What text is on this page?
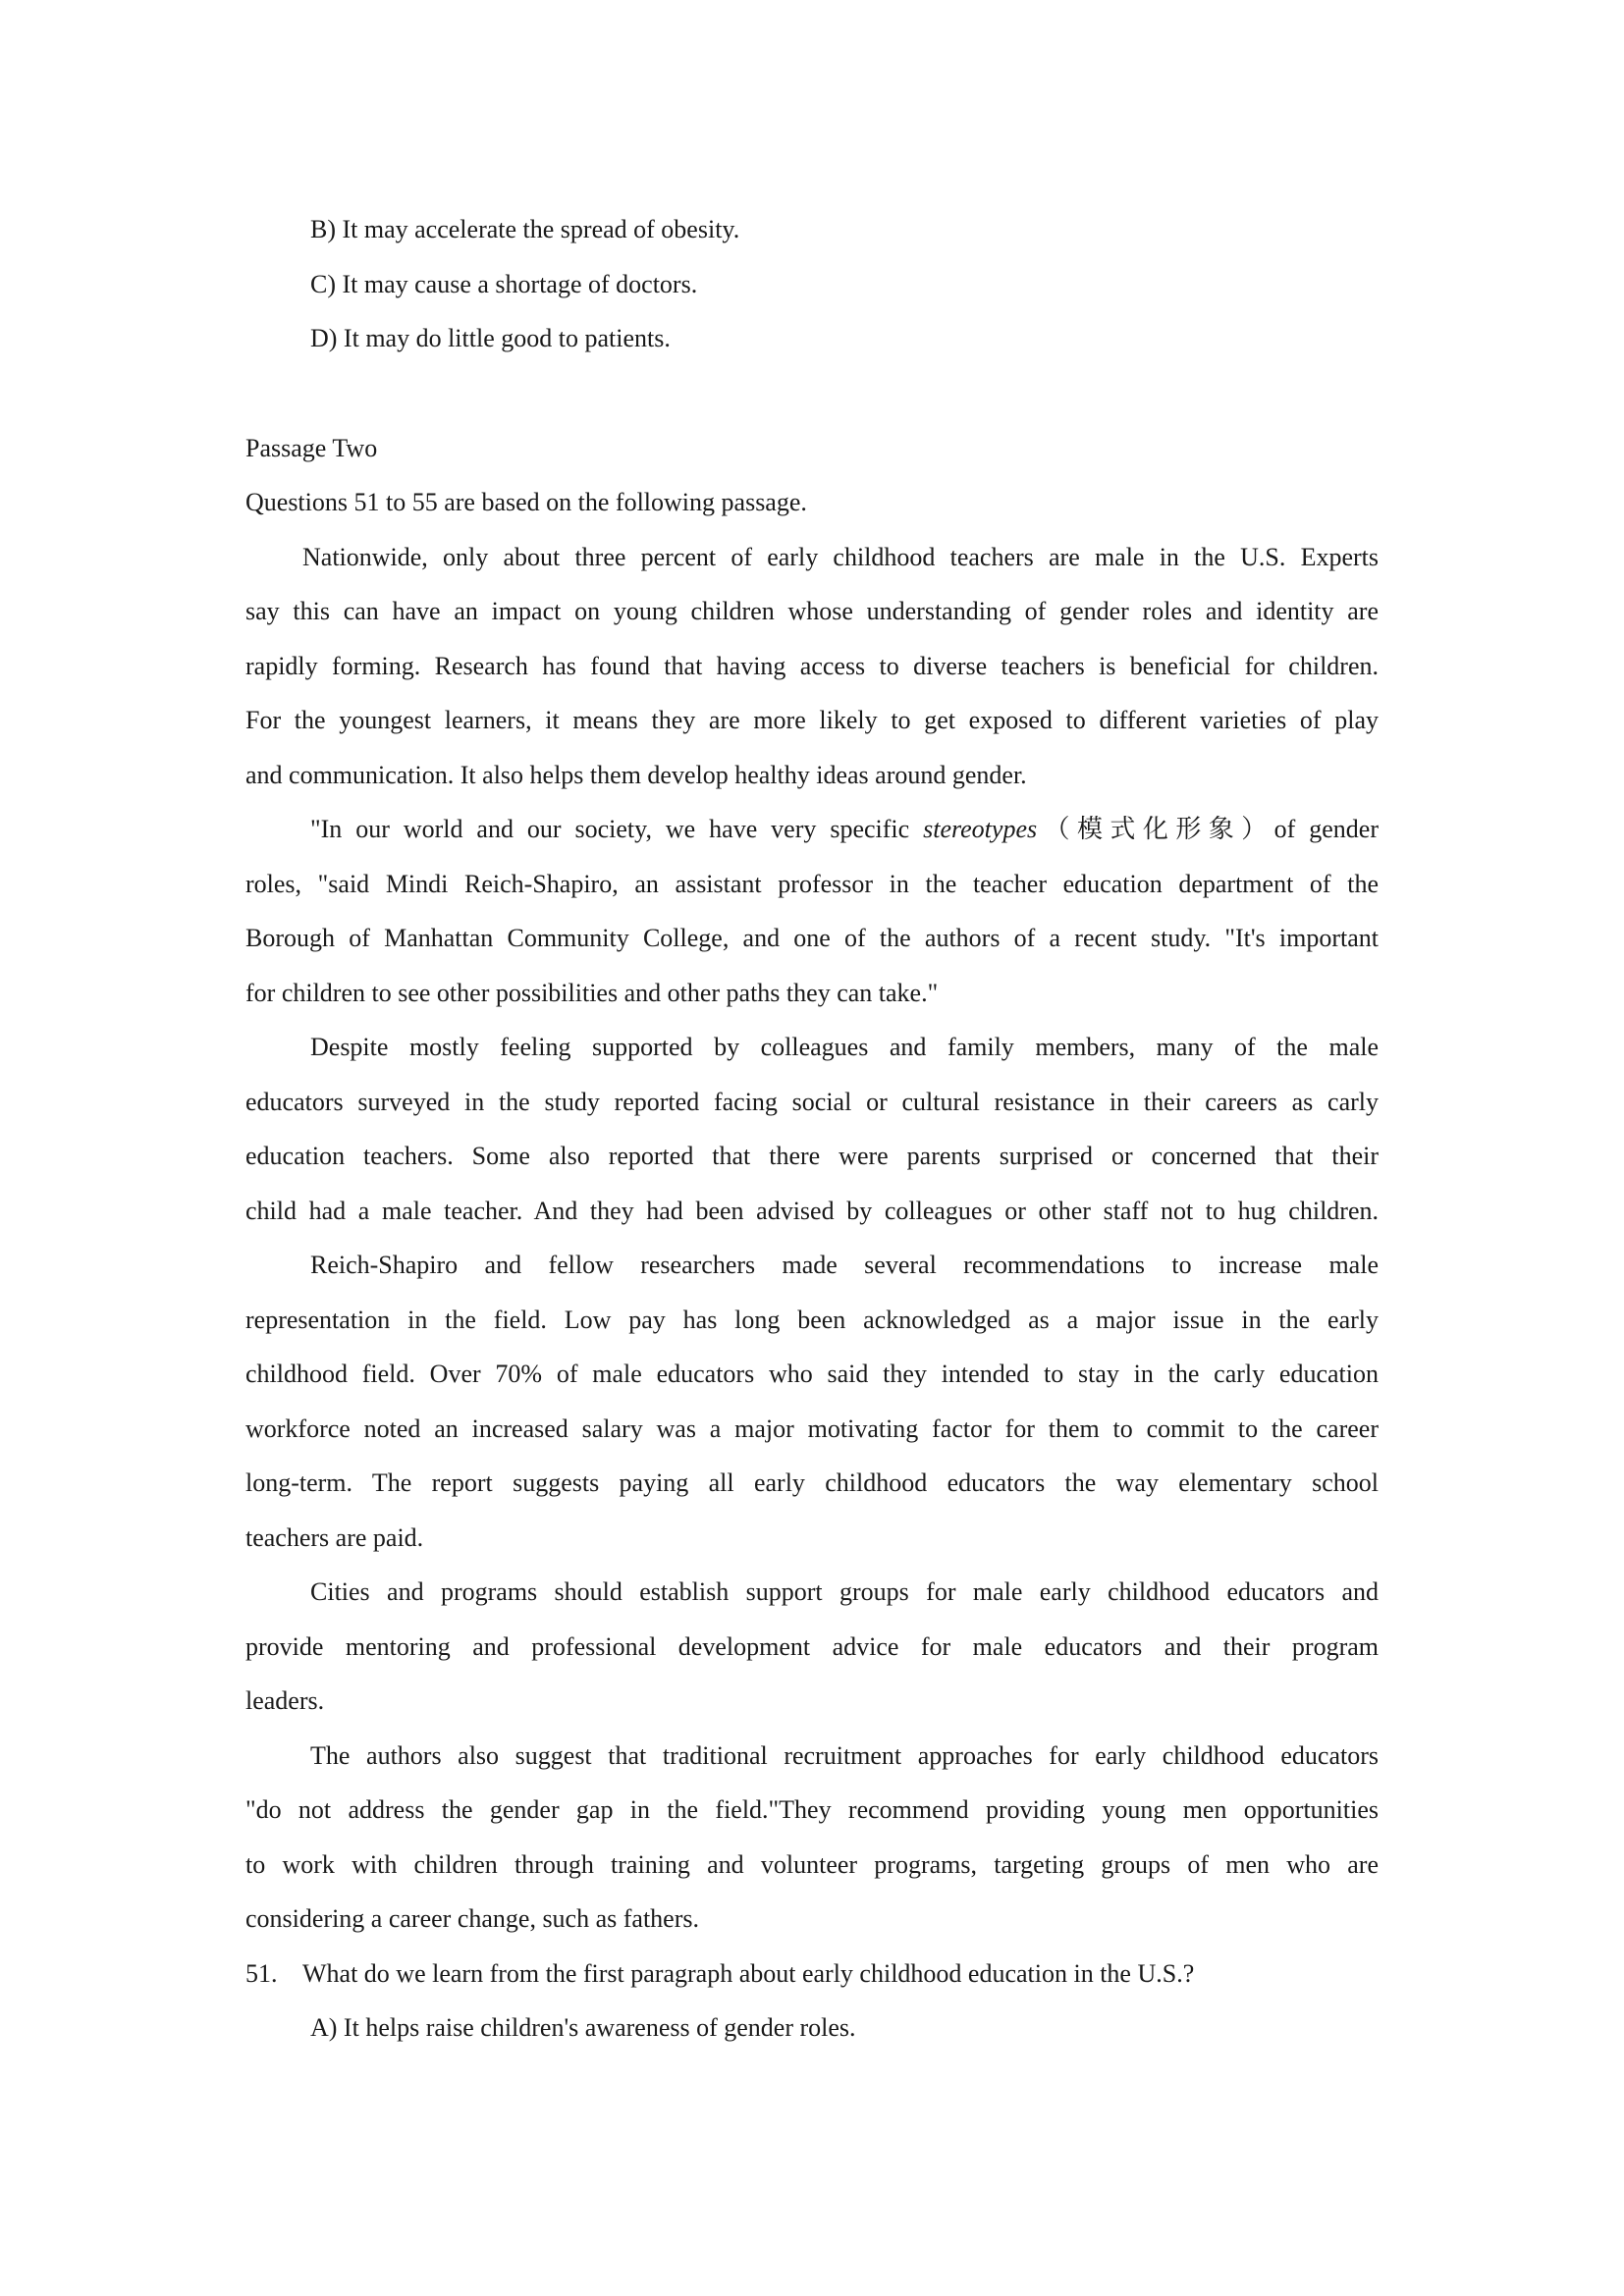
B) It may accelerate the spread of obesity.
C) It may cause a shortage of doctors.
D) It may do little good to patients.
Passage Two
Questions 51 to 55 are based on the following passage.
Nationwide, only about three percent of early childhood teachers are male in the U.S. Experts
say this can have an impact on young children whose understanding of gender roles and identity are
rapidly forming. Research has found that having access to diverse teachers is beneficial for children.
For the youngest learners, it means they are more likely to get exposed to different varieties of play
and communication. It also helps them develop healthy ideas around gender.
"In our world and our society, we have very specific stereotypes（模式化形象）of gender
roles, "said Mindi Reich-Shapiro, an assistant professor in the teacher education department of the
Borough of Manhattan Community College, and one of the authors of a recent study. "It's important
for children to see other possibilities and other paths they can take."
Despite mostly feeling supported by colleagues and family members, many of the male
educators surveyed in the study reported facing social or cultural resistance in their careers as carly
education teachers. Some also reported that there were parents surprised or concerned that their
child had a male teacher. And they had been advised by colleagues or other staff not to hug children.
Reich-Shapiro and fellow researchers made several recommendations to increase male
representation in the field. Low pay has long been acknowledged as a major issue in the early
childhood field. Over 70% of male educators who said they intended to stay in the carly education
workforce noted an increased salary was a major motivating factor for them to commit to the career
long-term. The report suggests paying all early childhood educators the way elementary school
teachers are paid.
Cities and programs should establish support groups for male early childhood educators and
provide mentoring and professional development advice for male educators and their program
leaders.
The authors also suggest that traditional recruitment approaches for early childhood educators
"do not address the gender gap in the field."They recommend providing young men opportunities
to work with children through training and volunteer programs, targeting groups of men who are
considering a career change, such as fathers.
51. What do we learn from the first paragraph about early childhood education in the U.S.?
A) It helps raise children's awareness of gender roles.
